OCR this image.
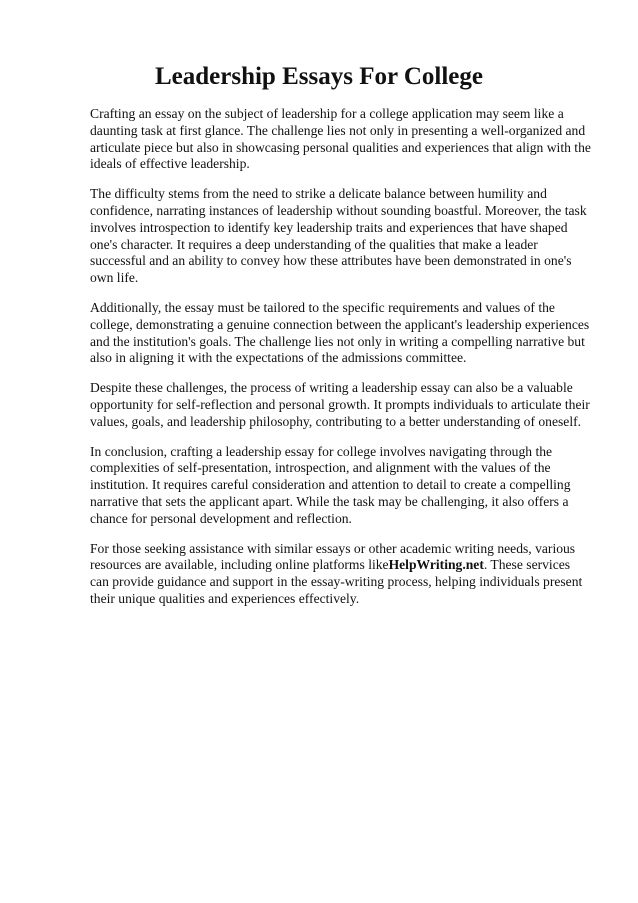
Leadership Essays For College

Crafting an essay on the subject of leadership for a college application may seem like a daunting task at first glance. The challenge lies not only in presenting a well-organized and articulate piece but also in showcasing personal qualities and experiences that align with the ideals of effective leadership.

The difficulty stems from the need to strike a delicate balance between humility and confidence, narrating instances of leadership without sounding boastful. Moreover, the task involves introspection to identify key leadership traits and experiences that have shaped one's character. It requires a deep understanding of the qualities that make a leader successful and an ability to convey how these attributes have been demonstrated in one's own life.

Additionally, the essay must be tailored to the specific requirements and values of the college, demonstrating a genuine connection between the applicant's leadership experiences and the institution's goals. The challenge lies not only in writing a compelling narrative but also in aligning it with the expectations of the admissions committee.

Despite these challenges, the process of writing a leadership essay can also be a valuable opportunity for self-reflection and personal growth. It prompts individuals to articulate their values, goals, and leadership philosophy, contributing to a better understanding of oneself.

In conclusion, crafting a leadership essay for college involves navigating through the complexities of self-presentation, introspection, and alignment with the values of the institution. It requires careful consideration and attention to detail to create a compelling narrative that sets the applicant apart. While the task may be challenging, it also offers a chance for personal development and reflection.

For those seeking assistance with similar essays or other academic writing needs, various resources are available, including online platforms likeHelpWriting.net. These services can provide guidance and support in the essay-writing process, helping individuals present their unique qualities and experiences effectively.
